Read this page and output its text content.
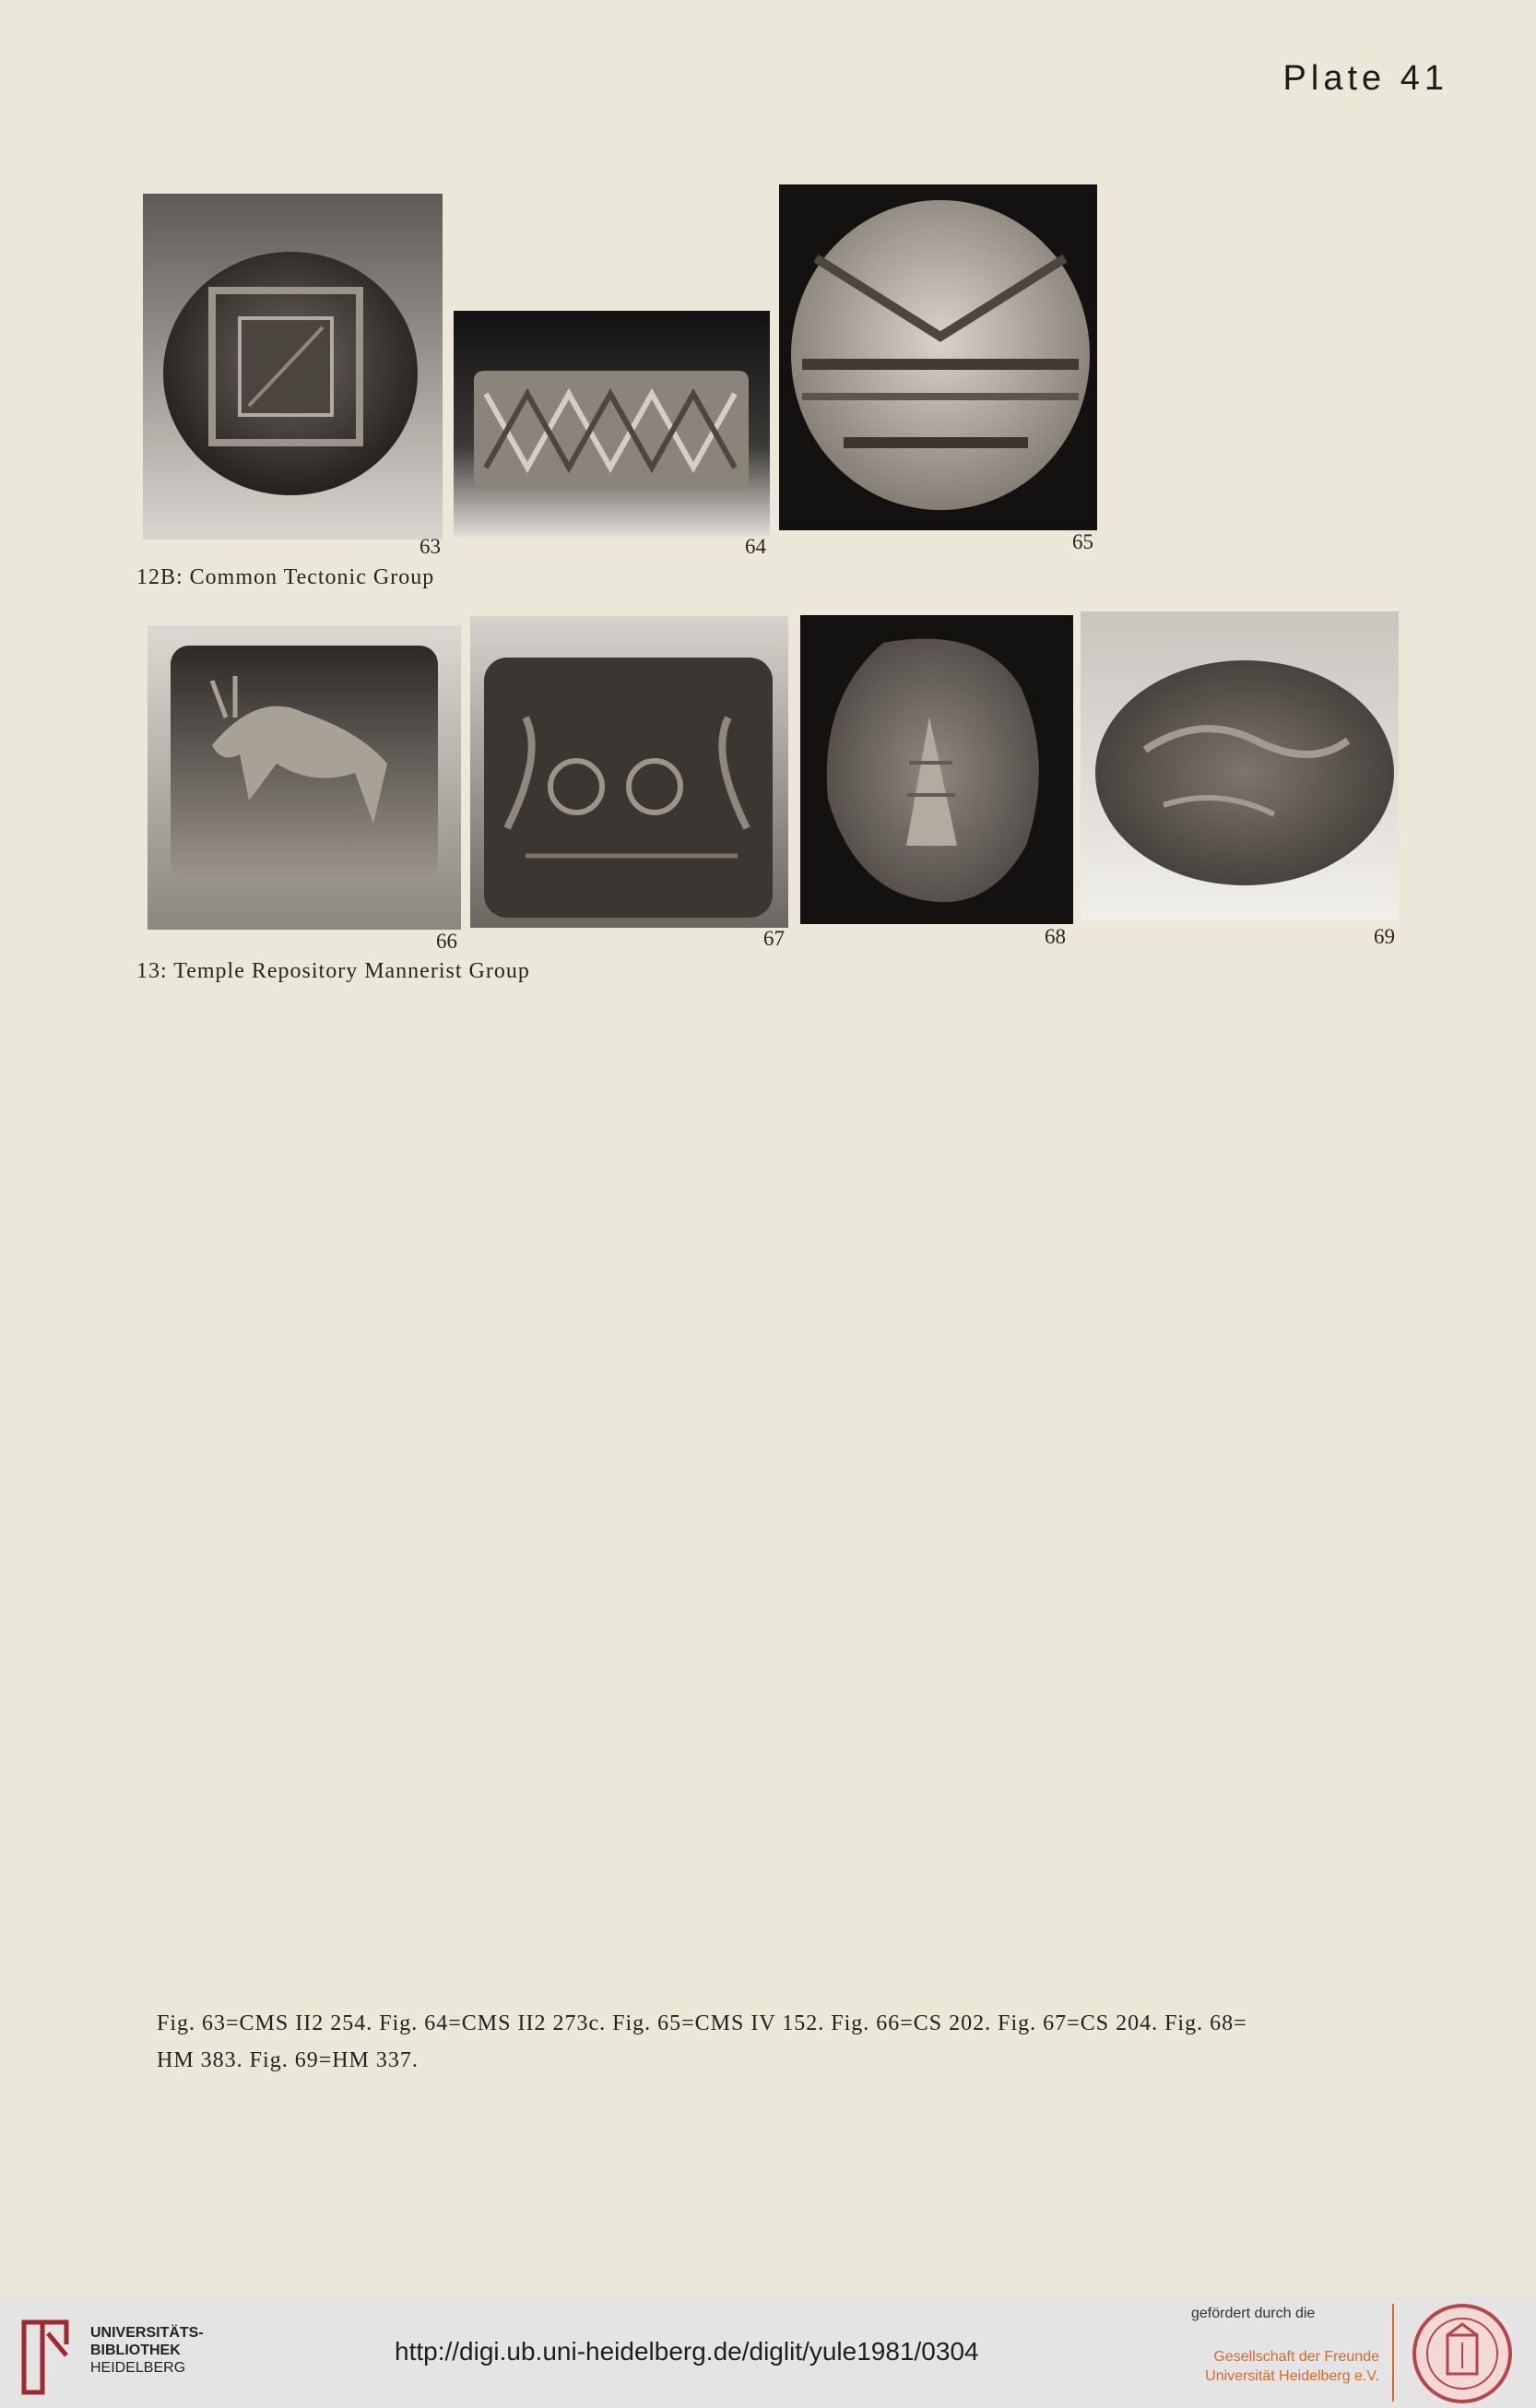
Plate 41
63	64	65
12B: Common Tectonic Group
66	67	68	69
13: Temple Repository Mannerist Group
Fig. 63=CMS II2 254. Fig. 64=CMS II2 273c. Fig. 65=CMS IV 152. Fig. 66=CS 202. Fig. 67=CS 204. Fig. 68=
HM 383. Fig. 69=HM 337.
UNIVERSITÄTS-
BIBLIOTHEK
HEIDELBERG
http://digi.ub.uni-heidelberg.de/diglit/yule1981/0304
gefördert durch die
Gesellschaft der Freunde
Universität Heidelberg e.V.
